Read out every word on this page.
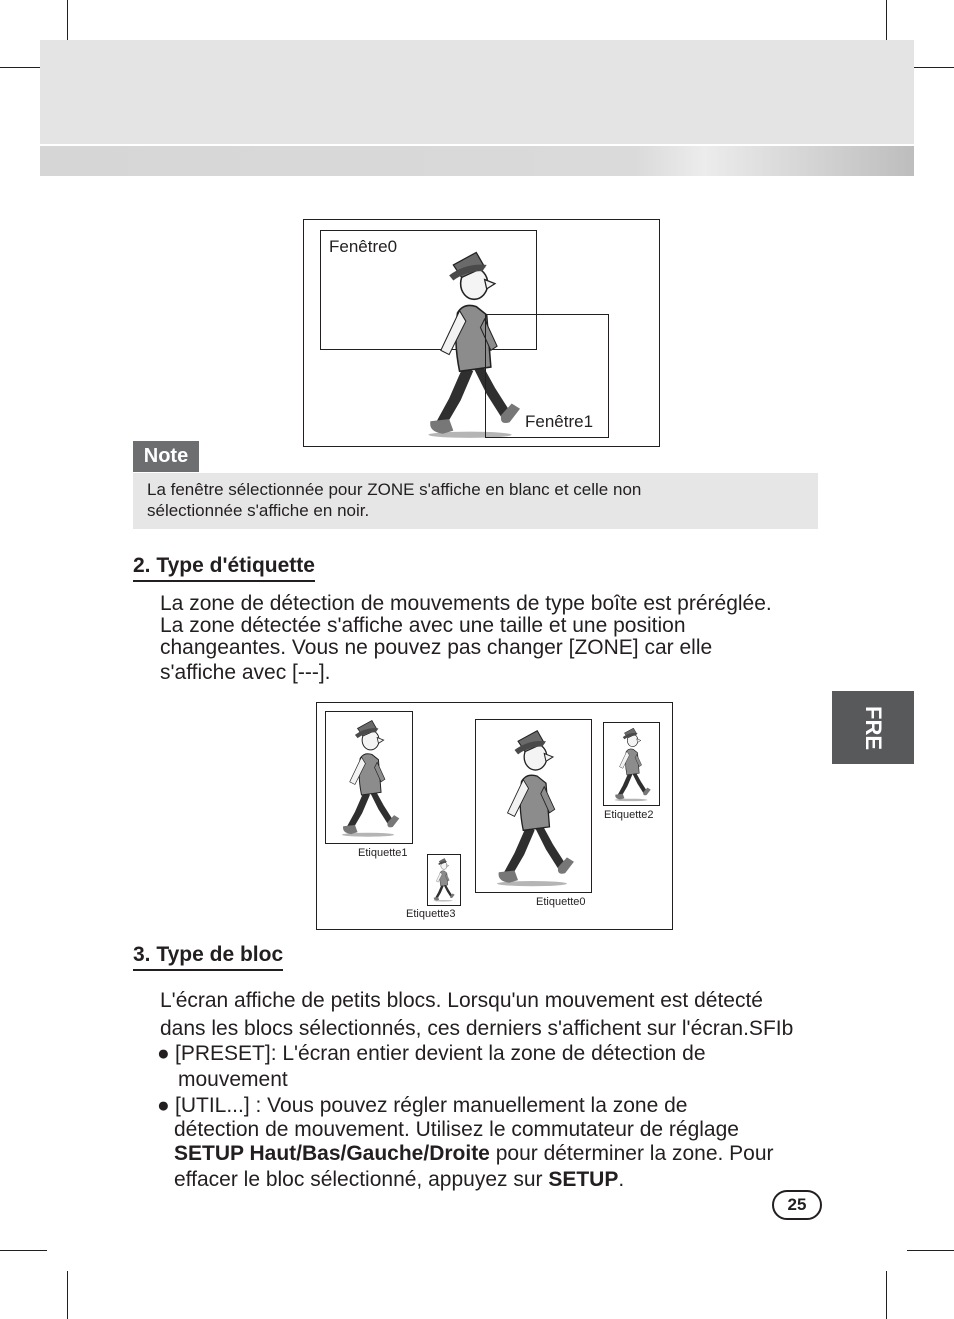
Fenêtre0
Fenêtre1
Note
La fenêtre sélectionnée pour ZONE s'affiche en blanc et celle non
sélectionnée s'affiche en noir.
2. Type d'étiquette
La zone de détection de mouvements de type boîte est préréglée.
La zone détectée s'affiche avec une taille et une position
changeantes. Vous ne pouvez pas changer [ZONE] car elle
s'affiche avec [---].
FRE
Etiquette1
Etiquette3
Etiquette0
Etiquette2
3. Type de bloc
L'écran affiche de petits blocs. Lorsqu'un mouvement est détecté
dans les blocs sélectionnés, ces derniers s'affichent sur l'écran.SFIb
● [PRESET]: L'écran entier devient la zone de détection de
mouvement
● [UTIL...] : Vous pouvez régler manuellement la zone de
détection de mouvement. Utilisez le commutateur de réglage
SETUP Haut/Bas/Gauche/Droite pour déterminer la zone. Pour
effacer le bloc sélectionné, appuyez sur SETUP.
25
